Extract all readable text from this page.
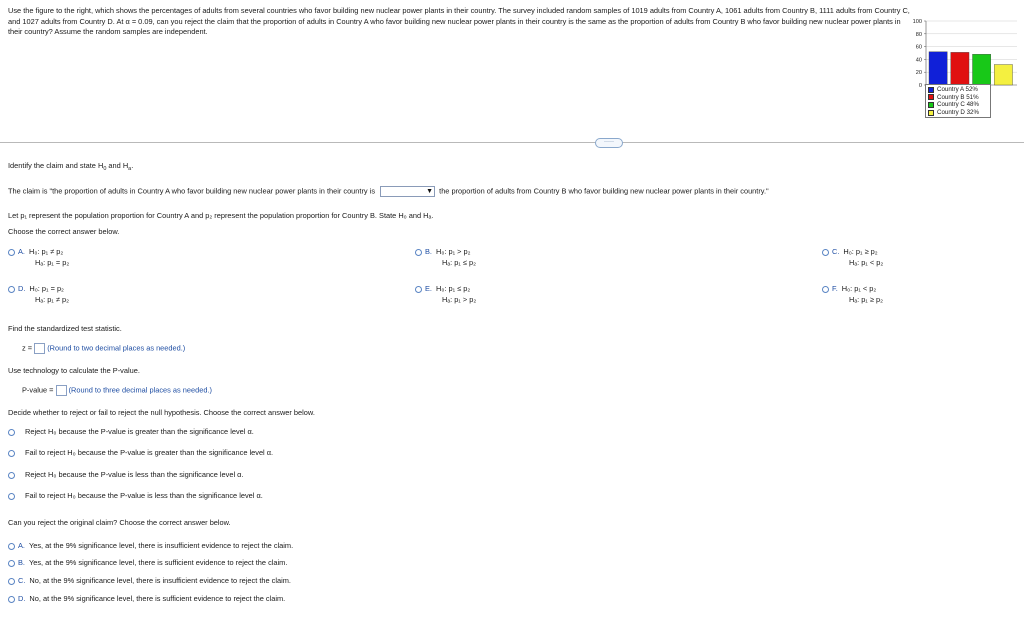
Use the figure to the right, which shows the percentages of adults from several countries who favor building new nuclear power plants in their country. The survey included random samples of 1019 adults from Country A, 1061 adults from Country B, 1111 adults from Country C, and 1027 adults from Country D. At α = 0.09, can you reject the claim that the proportion of adults in Country A who favor building new nuclear power plants in their country is the same as the proportion of adults from Country B who favor building new nuclear power plants in their country? Assume the random samples are independent.
100
80
60
40
20
0 Country A 52%
Country B 51%
Country C 48%
Country D 32%
·····
Identify the claim and state $H_0$ and $H_a$.
The claim is "the proportion of adults in Country A who favor building new nuclear power plants in their country is	▼ the proportion of adults from Country B who favor building new nuclear power plants in their country."
Let p₁ represent the population proportion for Country A and p₂ represent the population proportion for Country B. State H₀ and Hₐ.
Choose the correct answer below.
A. H₀: p₁ ≠ p₂
Hₐ: p₁ = p₂
B. H₀: p₁ > p₂
Hₐ: p₁ ≤ p₂
C. H₀: p₁ ≥ p₂
Hₐ: p₁ < p₂
D. H₀: p₁ = p₂
Hₐ: p₁ ≠ p₂
E. H₀: p₁ ≤ p₂
Hₐ: p₁ > p₂
F. H₀: p₁ < p₂
Hₐ: p₁ ≥ p₂
Find the standardized test statistic.
z = (Round to two decimal places as needed.)
Use technology to calculate the P-value.
P-value = (Round to three decimal places as needed.)
Decide whether to reject or fail to reject the null hypothesis. Choose the correct answer below.
Reject H₀ because the P-value is greater than the significance level α.
Fail to reject H₀ because the P-value is greater than the significance level α.
Reject H₀ because the P-value is less than the significance level α.
Fail to reject H₀ because the P-value is less than the significance level α.
Can you reject the original claim? Choose the correct answer below.
A. Yes, at the 9% significance level, there is insufficient evidence to reject the claim.
B. Yes, at the 9% significance level, there is sufficient evidence to reject the claim.
C. No, at the 9% significance level, there is insufficient evidence to reject the claim.
D. No, at the 9% significance level, there is sufficient evidence to reject the claim.
